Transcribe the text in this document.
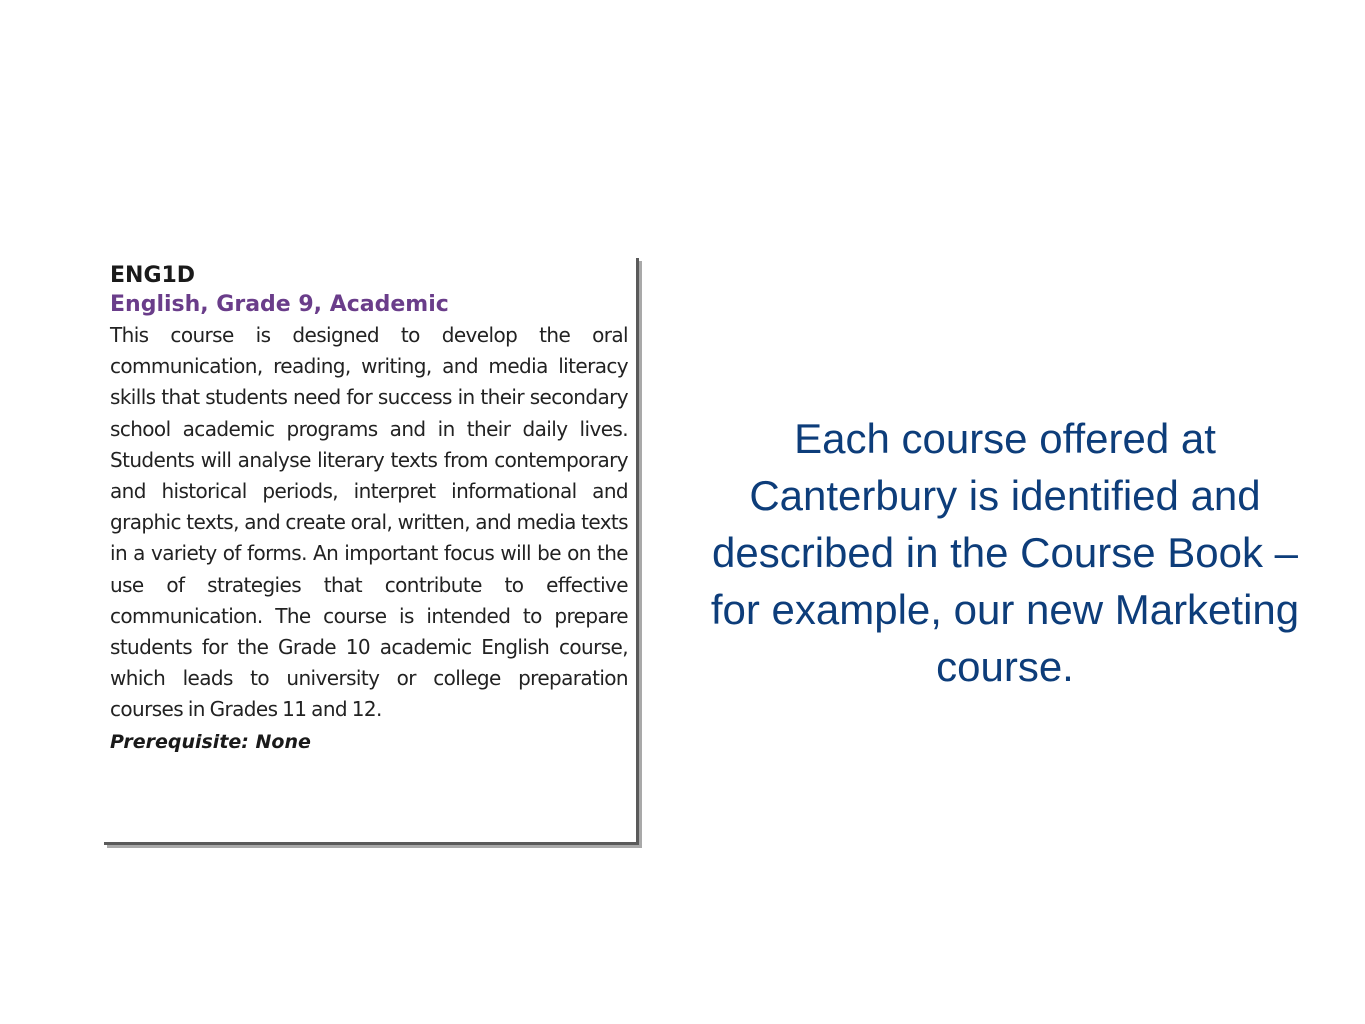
ENG1D

English, Grade 9, Academic

This course is designed to develop the oral communication, reading, writing, and media literacy skills that students need for success in their secondary school academic programs and in their daily lives. Students will analyse literary texts from contemporary and historical periods, interpret informational and graphic texts, and create oral, written, and media texts in a variety of forms. An important focus will be on the use of strategies that contribute to effective communication. The course is intended to prepare students for the Grade 10 academic English course, which leads to university or college preparation courses in Grades 11 and 12.

Prerequisite: None

Each course offered at Canterbury is identified and described in the Course Book – for example, our new Marketing course.
